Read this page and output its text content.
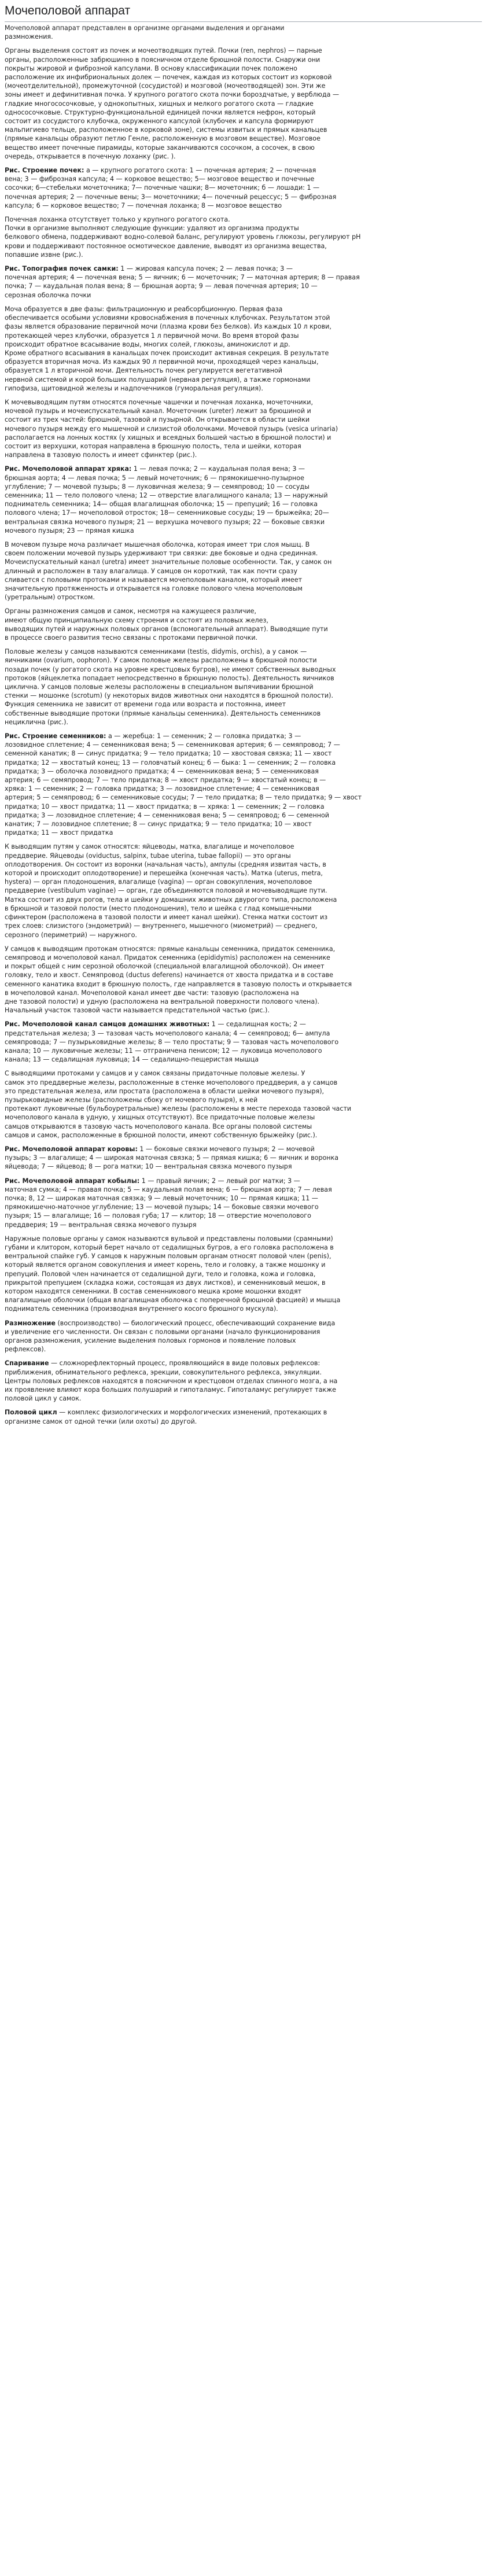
Мочеполовой аппарат

Мочеполовой аппарат представлен в организме органами выделения и органами
размножения.

Органы выделения состоят из почек и мочеотводящих путей. Почки (ren, nephros) — парные
органы, расположенные забрюшинно в поясничном отделе брюшной полости. Снаружи они
покрыты жировой и фиброзной капсулами. В основу классификации почек положено
расположение их инфибриональных долек — почечек, каждая из которых состоит из корковой
(мочеотделительной), промежуточной (сосудистой) и мозговой (мочеотводящей) зон. Эти же
зоны имеет и дефинитивная почка. У крупного рогатого скота почки бороздчатые, у верблюда —
гладкие многососочковые, у однокопытных, хищных и мелкого рогатого скота — гладкие
однососочковые. Структурно-функциональной единицей почки является нефрон, который
состоит из сосудистого клубочка, окруженного капсулой (клубочек и капсула формируют
мальпигиево тельце, расположенное в корковой зоне), системы извитых и прямых канальцев
(прямые канальцы образуют петлю Генле, расположенную в мозговом веществе). Мозговое
вещество имеет почечные пирамиды, которые заканчиваются сосочком, а сосочек, в свою
очередь, открывается в почечную лоханку (рис. ).

Рис. Строение почек: а — крупного рогатого скота: 1 — почечная артерия; 2 — почечная
вена; 3 — фиброзная капсула; 4 — корковое вещество; 5— мозговое вещество и почечные
сосочки; 6—стебельки мочеточника; 7— почечные чашки; 8— мочеточник; б — лошади: 1 —
почечная артерия; 2 — почечные вены; 3— мочеточники; 4— почечный рецессус; 5 — фиброзная
капсула; 6 — корковое вещество; 7 — почечная лоханка; 8 — мозговое вещество

Почечная лоханка отсутствует только у крупного рогатого скота.
Почки в организме выполняют следующие функции: удаляют из организма продукты
белкового обмена, поддерживают водно-солевой баланс, регулируют уровень глюкозы, регулируют рН
крови и поддерживают постоянное осмотическое давление, выводят из организма вещества,
попавшие извне (рис.).

Рис. Топография почек самки: 1 — жировая капсула почек; 2 — левая почка; 3 —
почечная артерия; 4 — почечная вена; 5 — яичник; 6 — мочеточник; 7 — маточная артерия; 8 — правая
почка; 7 — каудальная полая вена; 8 — брюшная аорта; 9 — левая почечная артерия; 10 —
серозная оболочка почки

Моча образуется в две фазы: фильтрационную и реабсорбционную. Первая фаза
обеспечивается особыми условиями кровоснабжения в почечных клубочках. Результатом этой
фазы является образование первичной мочи (плазма крови без белков). Из каждых 10 л крови,
протекающей через клубочки, образуется 1 л первичной мочи. Во время второй фазы
происходит обратное всасывание воды, многих солей, глюкозы, аминокислот и др.
Кроме обратного всасывания в канальцах почек происходит активная секреция. В результате
образуется вторичная моча. Из каждых 90 л первичной мочи, проходящей через канальцы,
образуется 1 л вторичной мочи. Деятельность почек регулируется вегетативной
нервной системой и корой больших полушарий (нервная регуляция), а также гормонами
гипофиза, щитовидной железы и надпочечников (гуморальная регуляция).

К мочевыводящим путям относятся почечные чашечки и почечная лоханка, мочеточники,
мочевой пузырь и мочеиспускательный канал. Мочеточник (ureter) лежит за брюшиной и
состоит из трех частей: брюшной, тазовой и пузырной. Он открывается в области шейки
мочевого пузыря между его мышечной и слизистой оболочками. Мочевой пузырь (vesica urinaria)
располагается на лонных костях (у хищных и всеядных большей частью в брюшной полости) и
состоит из верхушки, которая направлена в брюшную полость, тела и шейки, которая
направлена в тазовую полость и имеет сфинктер (рис.).

Рис. Мочеполовой аппарат хряка: 1 — левая почка; 2 — каудальная полая вена; 3 —
брюшная аорта; 4 — левая почка; 5 — левый мочеточник; 6 — прямокишечно-пузырное
углубление; 7 — мочевой пузырь; 8 — луковичная железа; 9 — семяпровод; 10 — сосуды
семенника; 11 — тело полового члена; 12 — отверстие влагалищного канала; 13 — наружный
подниматель семенника; 14— общая влагалищная оболочка; 15 — препуций; 16 — головка
полового члена; 17— мочеполовой отросток; 18— семенниковые сосуды; 19 — брыжейка; 20—
вентральная связка мочевого пузыря; 21 — верхушка мочевого пузыря; 22 — боковые связки
мочевого пузыря; 23 — прямая кишка

В мочевом пузыре моча различает мышечная оболочка, которая имеет три слоя мышц. В
своем положении мочевой пузырь удерживают три связки: две боковые и одна срединная.
Мочеиспускательный канал (uretra) имеет значительные половые особенности. Так, у самок он
длинный и расположен в тазу влагалища. У самцов он короткий, так как почти сразу
сливается с половыми протоками и называется мочеполовым каналом, который имеет
значительную протяженность и открывается на головке полового члена мочеполовым
(уретральным) отростком.

Органы размножения самцов и самок, несмотря на кажущееся различие,
имеют общую принципиальную схему строения и состоят из половых желез,
выводящих путей и наружных половых органов (вспомогательный аппарат). Выводящие пути
в процессе своего развития тесно связаны с протоками первичной почки.

Половые железы у самцов называются семенниками (testis, didymis, orchis), а у самок —
яичниками (ovarium, oophoron). У самок половые железы расположены в брюшной полости
позади почек (у рогатого скота на уровне крестцовых бугров), не имеют собственных выводных
протоков (яйцеклетка попадает непосредственно в брюшную полость). Деятельность яичников
циклична. У самцов половые железы расположены в специальном выпячивании брюшной
стенки — мошонке (scrotum) (у некоторых видов животных они находятся в брюшной полости).
Функция семенника не зависит от времени года или возраста и постоянна, имеет
собственные выводящие протоки (прямые канальцы семенника). Деятельность семенников
нециклична (рис.).

Рис. Строение семенников: а — жеребца: 1 — семенник; 2 — головка придатка; 3 —
лозовидное сплетение; 4 — семенниковая вена; 5 — семенниковая артерия; 6 — семяпровод; 7 —
семенной канатик; 8 — синус придатка; 9 — тело придатка; 10 — хвостовая связка; 11 — хвост
придатка; 12 — хвостатый конец; 13 — головчатый конец; б — быка: 1 — семенник; 2 — головка
придатка; 3 — оболочка лозовидного придатка; 4 — семенниковая вена; 5 — семенниковая
артерия; 6 — семяпровод; 7 — тело придатка; 8 — хвост придатка; 9 — хвостатый конец; в —
хряка: 1 — семенник; 2 — головка придатка; 3 — лозовидное сплетение; 4 — семенниковая
артерия; 5 — семяпровод; 6 — семенниковые сосуды; 7 — тело придатка; 8 — тело придатка; 9 — хвост
придатка; 10 — хвост придатка; 11 — хвост придатка; в — хряка: 1 — семенник; 2 — головка
придатка; 3 — лозовидное сплетение; 4 — семенниковая вена; 5 — семяпровод; 6 — семенной
канатик; 7 — лозовидное сплетение; 8 — синус придатка; 9 — тело придатка; 10 — хвост
придатка; 11 — хвост придатка

К выводящим путям у самок относятся: яйцеводы, матка, влагалище и мочеполовое
преддверие. Яйцеводы (oviductus, salpinx, tubae uterina, tubae fallopii) — это органы
оплодотворения. Он состоит из воронки (начальная часть), ампулы (средняя извитая часть, в
которой и происходит оплодотворение) и перешейка (конечная часть). Матка (uterus, metra,
hystera) — орган плодоношения, влагалище (vagina) — орган совокупления, мочеполовое
преддверие (vestibulum vaginae) — орган, где объединяются половой и мочевыводящие пути.
Матка состоит из двух рогов, тела и шейки у домашних животных двурогого типа, расположена
в брюшной и тазовой полости (место плодоношения), тело и шейка с глад комышечными
сфинктером (расположена в тазовой полости и имеет канал шейки). Стенка матки состоит из
трех слоев: слизистого (эндометрий) — внутреннего, мышечного (миометрий) — среднего,
серозного (периметрий) — наружного.

У самцов к выводящим протокам относятся: прямые канальцы семенника, придаток семенника,
семяпровод и мочеполовой канал. Придаток семенника (epididymis) расположен на семеннике
и покрыт общей с ним серозной оболочкой (специальной влагалищной оболочкой). Он имеет
головку, тело и хвост. Семяпровод (ductus deferens) начинается от хвоста придатка и в составе
семенного канатика входит в брюшную полость, где направляется в тазовую полость и открывается
в мочеполовой канал. Мочеполовой канал имеет две части: тазовую (расположена на
дне тазовой полости) и удную (расположена на вентральной поверхности полового члена).
Начальный участок тазовой части называется предстательной частью (рис.).

Рис. Мочеполовой канал самцов домашних животных: 1 — седалищная кость; 2 —
предстательная железа; 3 — тазовая часть мочеполового канала; 4 — семяпровод; 6— ампула
семяпровода; 7 — пузырьковидные железы; 8 — тело простаты; 9 — тазовая часть мочеполового
канала; 10 — луковичные железы; 11 — отграничена пенисом; 12 — луковица мочеполового
канала; 13 — седалищная луковица; 14 — седалищно-пещеристая мышца

С выводящими протоками у самцов и у самок связаны придаточные половые железы. У
самок это преддверные железы, расположенные в стенке мочеполового преддверия, а у самцов
это предстательная железа, или простата (расположена в области шейки мочевого пузыря),
пузырьковидные железы (расположены сбоку от мочевого пузыря), к ней
протекают луковичные (бульбоуретральные) железы (расположены в месте перехода тазовой части
мочеполового канала в удную, у хищных отсутствуют). Все придаточные половые железы
самцов открываются в тазовую часть мочеполового канала. Все органы половой системы
самцов и самок, расположенные в брюшной полости, имеют собственную брыжейку (рис.).

Рис. Мочеполовой аппарат коровы: 1 — боковые связки мочевого пузыря; 2 — мочевой
пузырь; 3 — влагалище; 4 — широкая маточная связка; 5 — прямая кишка; 6 — яичник и воронка
яйцевода; 7 — яйцевод; 8 — рога матки; 10 — вентральная связка мочевого пузыря

Рис. Мочеполовой аппарат кобылы: 1 — правый яичник; 2 — левый рог матки; 3 —
маточная сумка; 4 — правая почка; 5 — каудальная полая вена; 6 — брюшная аорта; 7 — левая
почка; 8, 12 — широкая маточная связка; 9 — левый мочеточник; 10 — прямая кишка; 11 —
прямокишечно-маточное углубление; 13 — мочевой пузырь; 14 — боковые связки мочевого
пузыря; 15 — влагалище; 16 — половая губа; 17 — клитор; 18 — отверстие мочеполового
преддверия; 19 — вентральная связка мочевого пузыря

Наружные половые органы у самок называются вульвой и представлены половыми (срамными)
губами и клитором, который берет начало от седалищных бугров, а его головка расположена в
вентральной спайке губ. У самцов к наружным половым органам относят половой член (penis),
который является органом совокупления и имеет корень, тело и головку, а также мошонку и
препуций. Половой член начинается от седалищной дуги, тело и головка, кожа и головка,
прикрытой препуцием (складка кожи, состоящая из двух листков), и семенниковый мешок, в
котором находятся семенники. В состав семенникового мешка кроме мошонки входят
влагалищные оболочки (общая влагалищная оболочка с поперечной брюшной фасцией) и мышца
подниматель семенника (производная внутреннего косого брюшного мускула).

Размножение (воспроизводство) — биологический процесс, обеспечивающий сохранение вида
и увеличение его численности. Он связан с половыми органами (начало функционирования
органов размножения, усиление выделения половых гормонов и появление половых
рефлексов).

Спаривание — сложнорефлекторный процесс, проявляющийся в виде половых рефлексов:
приближения, обнимательного рефлекса, эрекции, совокупительного рефлекса, эякуляции.
Центры половых рефлексов находятся в поясничном и крестцовом отделах спинного мозга, а на
их проявление влияют кора больших полушарий и гипоталамус. Гипоталамус регулирует также
половой цикл у самок.

Половой цикл — комплекс физиологических и морфологических изменений, протекающих в
организме самок от одной течки (или охоты) до другой.
